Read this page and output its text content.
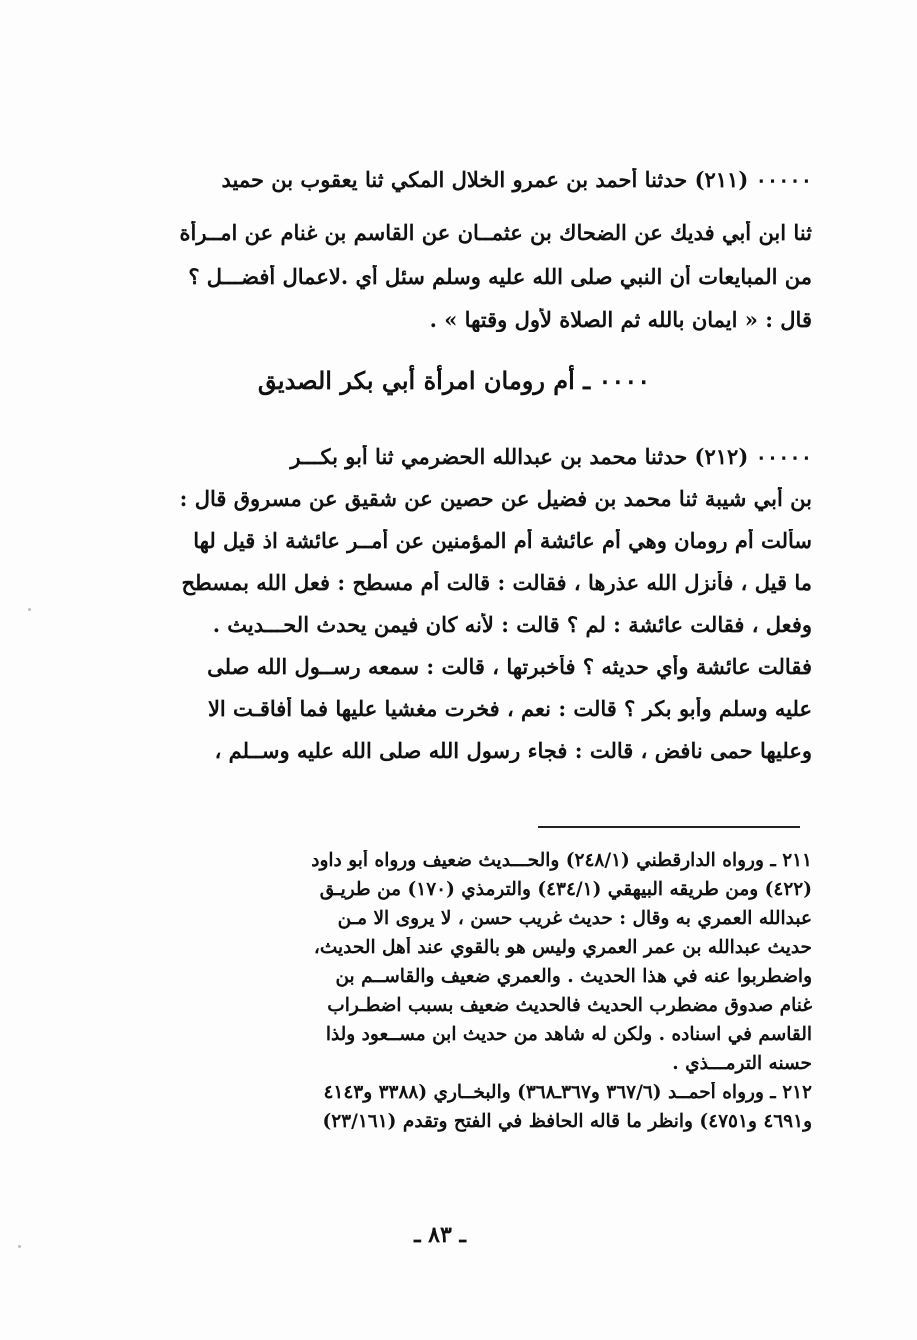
٠٠٠٠٠ (٢١١) حدثنا أحمد بن عمرو الخلال المكي ثنا يعقوب بن حميد
ثنا ابن أبي فديك عن الضحاك بن عثمــان عن القاسم بن غنام عن امــرأة
من المبايعات أن النبي صلى الله عليه وسلم سئل أي .لاعمال أفضـــل ؟
قال : « ايمان بالله ثم الصلاة لأول وقتها » .
٠٠٠٠ ـ أم رومان امرأة أبي بكر الصديق
٠٠٠٠٠ (٢١٢) حدثنا محمد بن عبدالله الحضرمي ثنا أبو بكـــر
بن أبي شيبة ثنا محمد بن فضيل عن حصين عن شقيق عن مسروق قال :
سألت أم رومان وهي أم عائشة أم المؤمنين عن أمــر عائشة اذ قيل لها
ما قيل ، فأنزل الله عذرها ، فقالت : قالت أم مسطح : فعل الله بمسطح
وفعل ، فقالت عائشة : لم ؟ قالت : لأنه كان فيمن يحدث الحـــديث .
فقالت عائشة وأي حديثه ؟ فأخبرتها ، قالت : سمعه رســول الله صلى
عليه وسلم وأبو بكر ؟ قالت : نعم ، فخرت مغشيا عليها فما أفاقـت الا
وعليها حمى نافض ، قالت : فجاء رسول الله صلى الله عليه وســلم ،
٢١١ ـ ورواه الدارقطني (٢٤٨/١) والحـــديث ضعيف ورواه أبو داود
(٤٢٢) ومن طريقه البيهقي (٤٣٤/١) والترمذي (١٧٠) من طريـق
عبدالله العمري به وقال : حديث غريب حسن ، لا يروى الا مـن
حديث عبدالله بن عمر العمري وليس هو بالقوي عند أهل الحديث،
واضطربوا عنه في هذا الحديث . والعمري ضعيف والقاســم بن
غنام صدوق مضطرب الحديث فالحديث ضعيف بسبب اضطـراب
القاسم في اسناده . ولكن له شاهد من حديث ابن مســعود ولذا
حسنه الترمـــذي .
٢١٢ ـ ورواه أحمــد (٣٦٧/٦ و٣٦٧ـ٣٦٨) والبخــاري (٣٣٨٨ و٤١٤٣
و٤٦٩١ و٤٧٥١) وانظر ما قاله الحافظ في الفتح وتقدم (٢٣/١٦١)
ـ ٨٣ ـ
